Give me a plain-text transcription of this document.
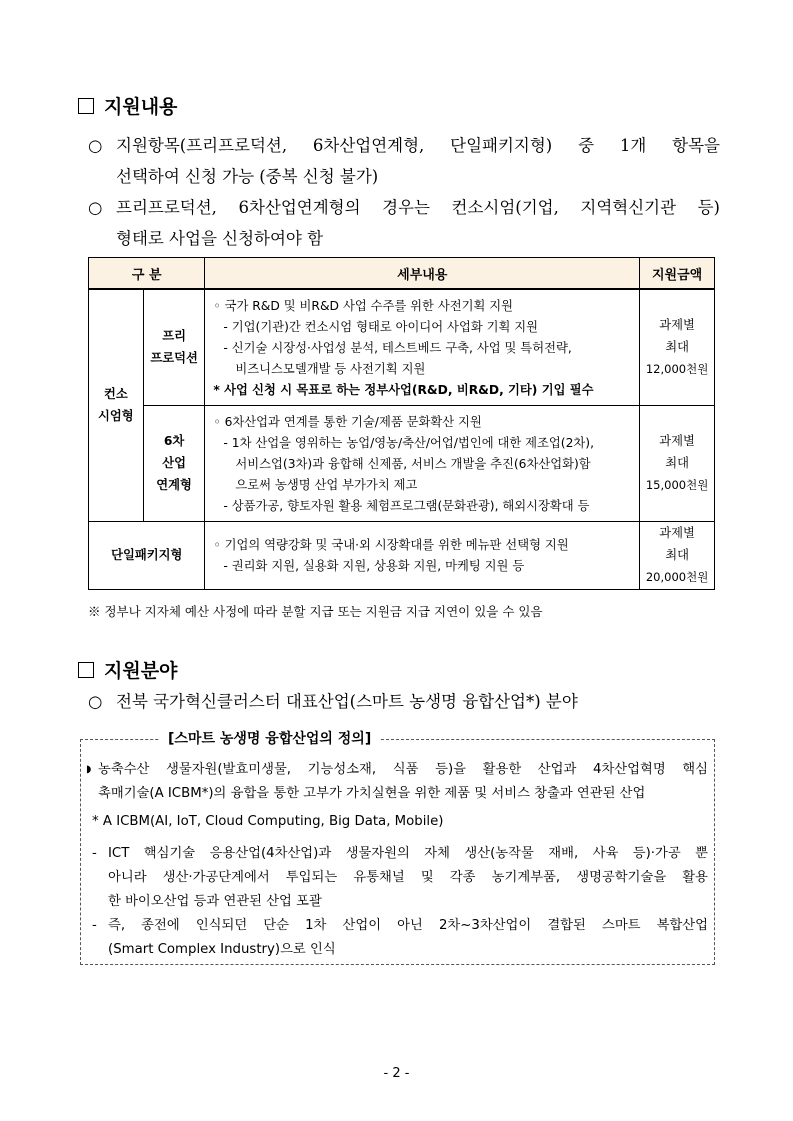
지원내용
○ 지원항목(프리프로덕션, 6차산업연계형, 단일패키지형) 중 1개 항목을
선택하여 신청 가능 (중복 신청 불가)
○ 프리프로덕션, 6차산업연계형의 경우는 컨소시엄(기업, 지역혁신기관 등)
형태로 사업을 신청하여야 함
구 분		세부내용	지원금액

컨소
시엄형	프리
프로덕션	◦ 국가 R&D 및 비R&D 사업 수주를 위한 사전기획 지원
- 기업(기관)간 컨소시엄 형태로 아이디어 사업화 기획 지원
- 신기술 시장성·사업성 분석, 테스트베드 구축, 사업 및 특허전략,
비즈니스모델개발 등 사전기획 지원
* 사업 신청 시 목표로 하는 정부사업(R&D, 비R&D, 기타) 기입 필수	과제별
최대
12,000천원

	6차
산업
연계형	◦ 6차산업과 연계를 통한 기술/제품 문화확산 지원
- 1차 산업을 영위하는 농업/영농/축산/어업/법인에 대한 제조업(2차),
서비스업(3차)과 융합해 신제품, 서비스 개발을 추진(6차산업화)함
으로써 농생명 산업 부가가치 제고
- 상품가공, 향토자원 활용 체험프로그램(문화관광), 해외시장확대 등	과제별
최대
15,000천원

단일패키지형		◦ 기업의 역량강화 및 국내·외 시장확대를 위한 메뉴판 선택형 지원
- 권리화 지원, 실용화 지원, 상용화 지원, 마케팅 지원 등	과제별
최대
20,000천원
※ 정부나 지자체 예산 사정에 따라 분할 지급 또는 지원금 지급 지연이 있을 수 있음
지원분야
○ 전북 국가혁신클러스터 대표산업(스마트 농생명 융합산업*) 분야
[스마트 농생명 융합산업의 정의]
◗ 농축수산 생물자원(발효미생물, 기능성소재, 식품 등)을 활용한 산업과 4차산업혁명 핵심
촉매기술(A ICBM*)의 융합을 통한 고부가 가치실현을 위한 제품 및 서비스 창출과 연관된 산업
* A ICBM(AI, IoT, Cloud Computing, Big Data, Mobile)
- ICT 핵심기술 응용산업(4차산업)과 생물자원의 자체 생산(농작물 재배, 사육 등)·가공 뿐
아니라 생산·가공단계에서 투입되는 유통채널 및 각종 농기계부품, 생명공학기술을 활용
한 바이오산업 등과 연관된 산업 포괄
- 즉, 종전에 인식되던 단순 1차 산업이 아닌 2차~3차산업이 결합된 스마트 복합산업
(Smart Complex Industry)으로 인식
- 2 -
